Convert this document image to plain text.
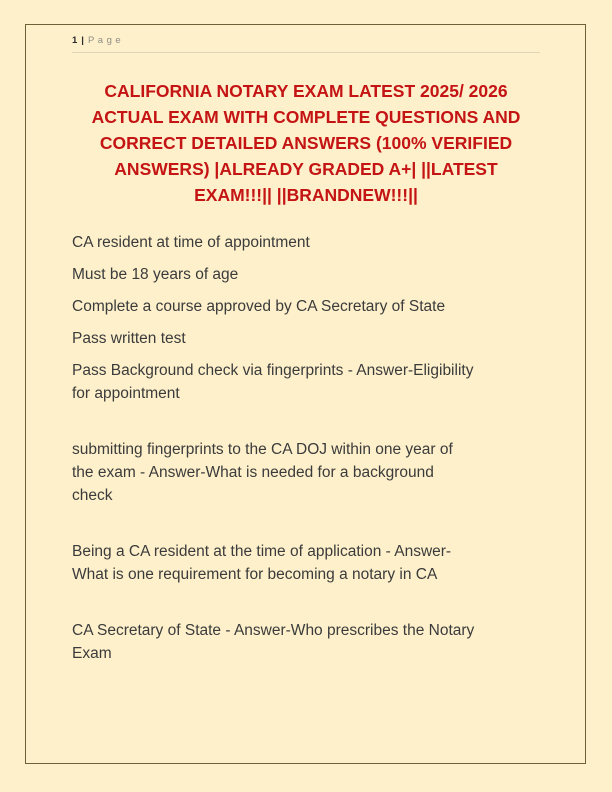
1 | Page
CALIFORNIA NOTARY EXAM LATEST 2025/ 2026
ACTUAL EXAM WITH COMPLETE QUESTIONS AND
CORRECT DETAILED ANSWERS (100% VERIFIED
ANSWERS) |ALREADY GRADED A+| ||LATEST
EXAM!!!|| ||BRANDNEW!!!||

CA resident at time of appointment

Must be 18 years of age

Complete a course approved by CA Secretary of State

Pass written test

Pass Background check via fingerprints - Answer-Eligibility
for appointment

submitting fingerprints to the CA DOJ within one year of
the exam - Answer-What is needed for a background
check

Being a CA resident at the time of application - Answer-
What is one requirement for becoming a notary in CA

CA Secretary of State - Answer-Who prescribes the Notary
Exam
